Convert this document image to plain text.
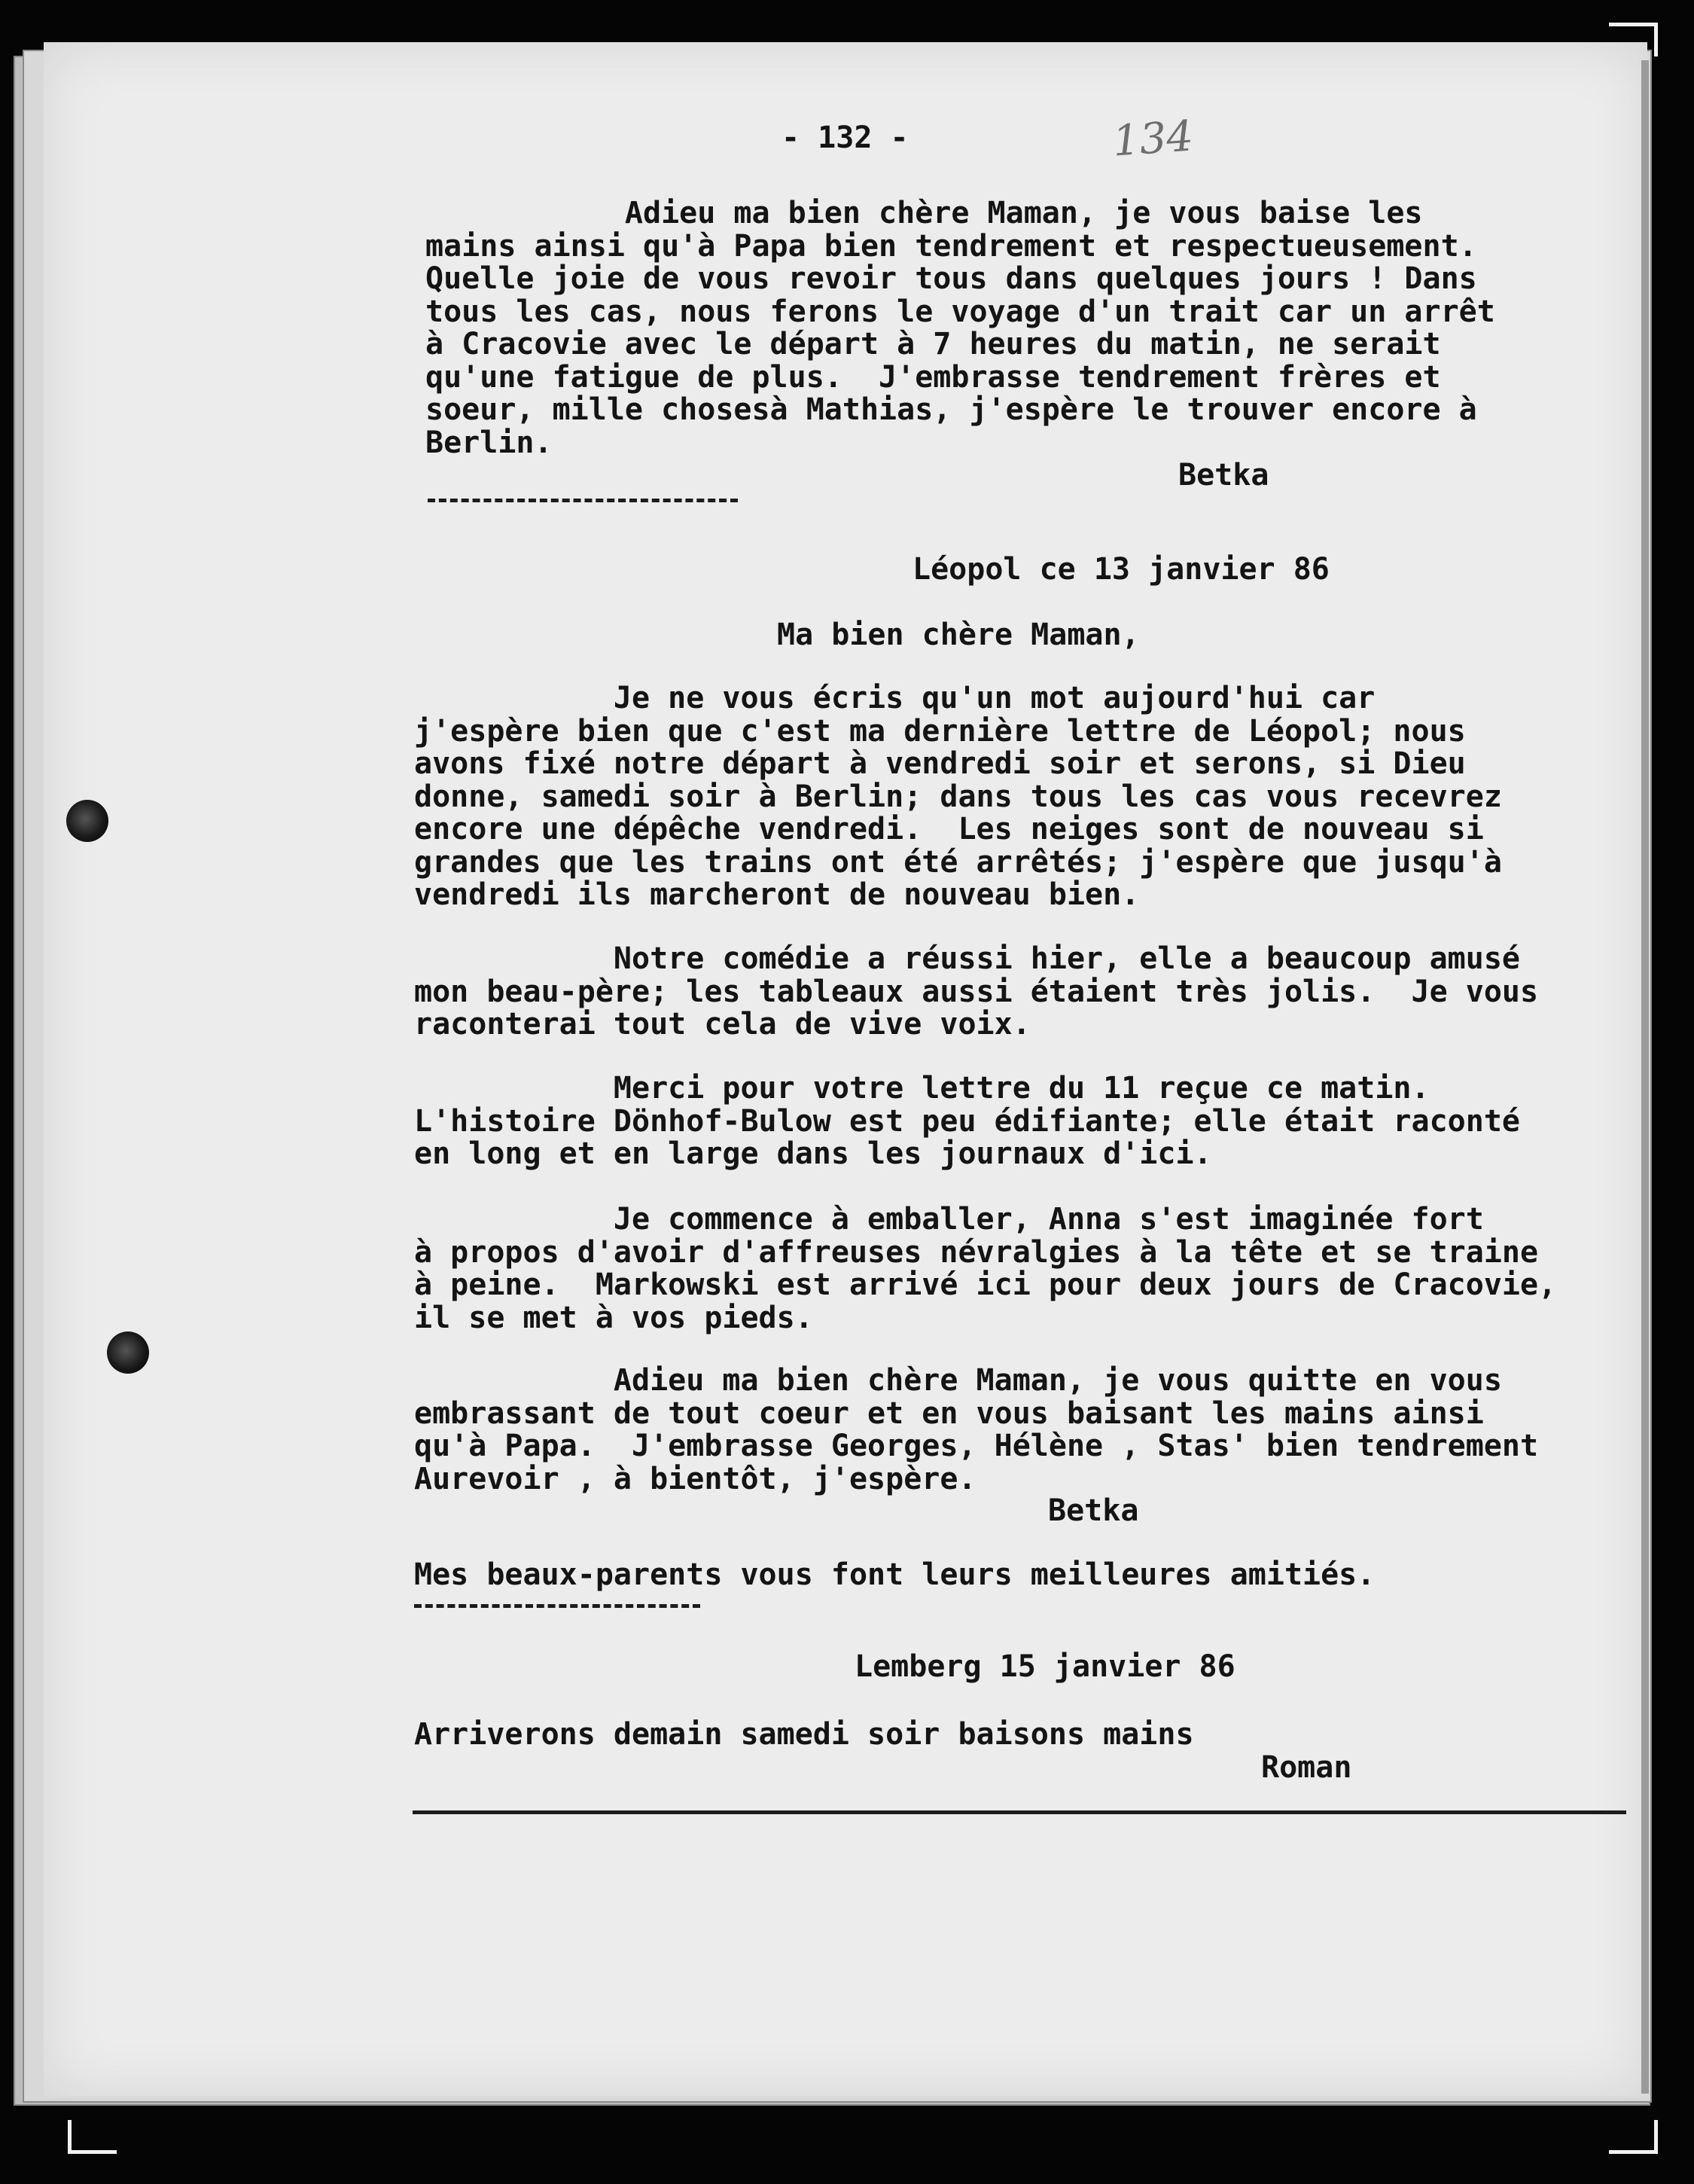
- 132 -	134

Adieu ma bien chère Maman, je vous baise les
mains ainsi qu'à Papa bien tendrement et respectueusement.
Quelle joie de vous revoir tous dans quelques jours ! Dans
tous les cas, nous ferons le voyage d'un trait car un arrêt
à Cracovie avec le départ à 7 heures du matin, ne serait
qu'une fatigue de plus.  J'embrasse tendrement frères et
soeur, mille chosesà Mathias, j'espère le trouver encore à
Berlin.

Betka

Léopol ce 13 janvier 86

Ma bien chère Maman,

Je ne vous écris qu'un mot aujourd'hui car
j'espère bien que c'est ma dernière lettre de Léopol; nous
avons fixé notre départ à vendredi soir et serons, si Dieu
donne, samedi soir à Berlin; dans tous les cas vous recevrez
encore une dépêche vendredi.  Les neiges sont de nouveau si
grandes que les trains ont été arrêtés; j'espère que jusqu'à
vendredi ils marcheront de nouveau bien.

Notre comédie a réussi hier, elle a beaucoup amusé
mon beau-père; les tableaux aussi étaient très jolis.  Je vous
raconterai tout cela de vive voix.

Merci pour votre lettre du 11 reçue ce matin.
L'histoire Dönhof-Bulow est peu édifiante; elle était raconté
en long et en large dans les journaux d'ici.

Je commence à emballer, Anna s'est imaginée fort
à propos d'avoir d'affreuses névralgies à la tête et se traine
à peine.  Markowski est arrivé ici pour deux jours de Cracovie,
il se met à vos pieds.

Adieu ma bien chère Maman, je vous quitte en vous
embrassant de tout coeur et en vous baisant les mains ainsi
qu'à Papa.  J'embrasse Georges, Hélène , Stas' bien tendrement
Aurevoir , à bientôt, j'espère.

Betka

Mes beaux-parents vous font leurs meilleures amitiés.

Lemberg 15 janvier 86

Arriverons demain samedi soir baisons mains

Roman
